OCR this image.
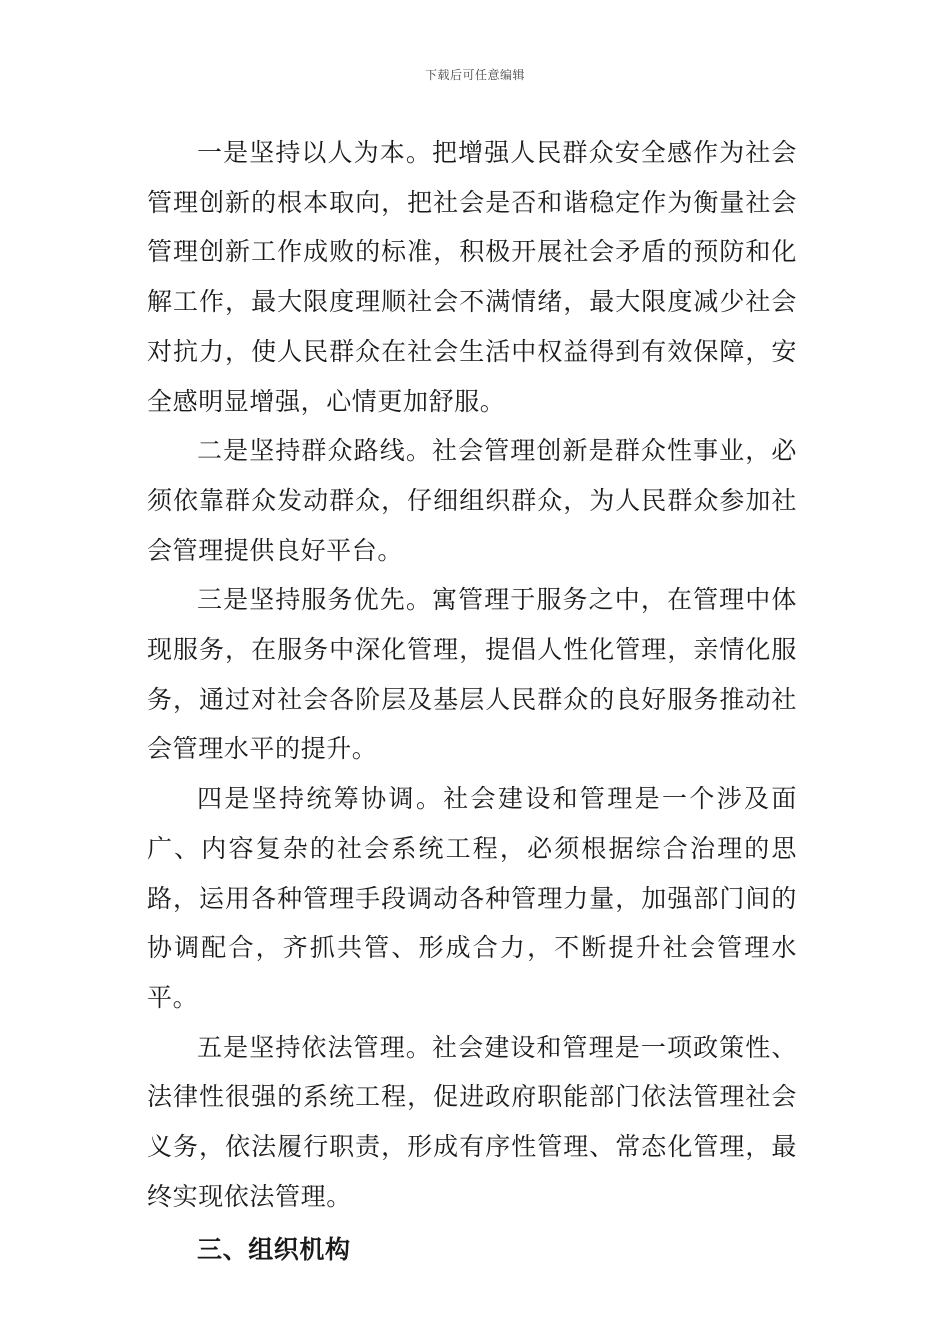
下载后可任意编辑

一是坚持以人为本。把增强人民群众安全感作为社会管理创新的根本取向，把社会是否和谐稳定作为衡量社会管理创新工作成败的标准，积极开展社会矛盾的预防和化解工作，最大限度理顺社会不满情绪，最大限度减少社会对抗力，使人民群众在社会生活中权益得到有效保障，安全感明显增强，心情更加舒服。

二是坚持群众路线。社会管理创新是群众性事业，必须依靠群众发动群众，仔细组织群众，为人民群众参加社会管理提供良好平台。

三是坚持服务优先。寓管理于服务之中，在管理中体现服务，在服务中深化管理，提倡人性化管理，亲情化服务，通过对社会各阶层及基层人民群众的良好服务推动社会管理水平的提升。

四是坚持统筹协调。社会建设和管理是一个涉及面广、内容复杂的社会系统工程，必须根据综合治理的思路，运用各种管理手段调动各种管理力量，加强部门间的协调配合，齐抓共管、形成合力，不断提升社会管理水平。

五是坚持依法管理。社会建设和管理是一项政策性、法律性很强的系统工程，促进政府职能部门依法管理社会义务，依法履行职责，形成有序性管理、常态化管理，最终实现依法管理。

三、组织机构
